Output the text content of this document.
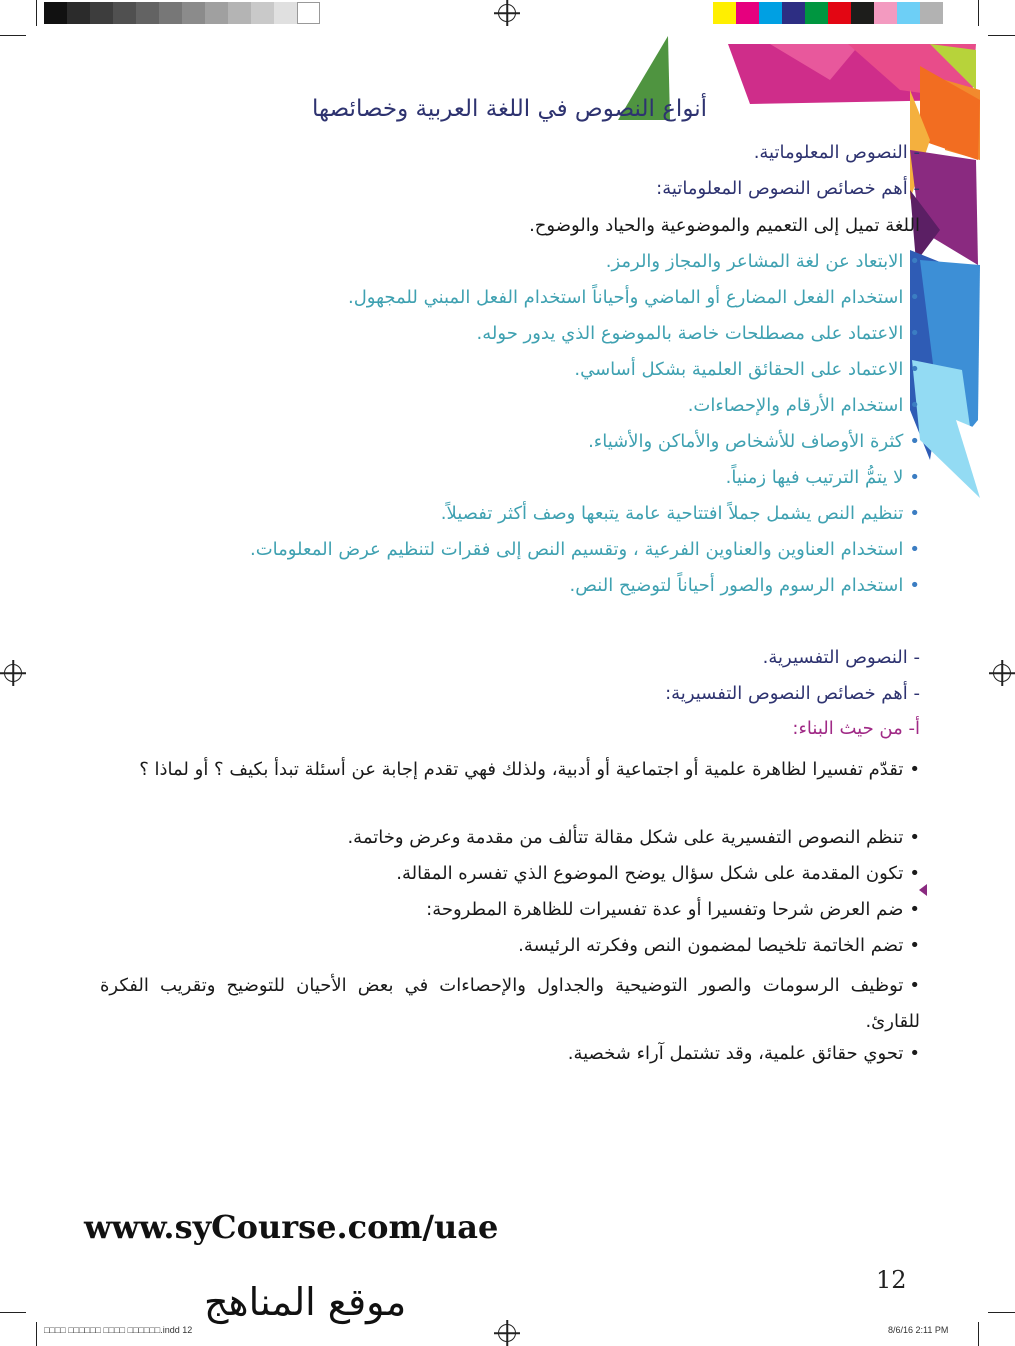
أنواع النصوص في اللغة العربية وخصائصها
- النصوص المعلوماتية.
- أهم خصائص النصوص المعلوماتية:
اللغة تميل إلى التعميم والموضوعية والحياد والوضوح.
• الابتعاد عن لغة المشاعر والمجاز والرمز.
• استخدام الفعل المضارع أو الماضي وأحياناً استخدام الفعل المبني للمجهول.
• الاعتماد على مصطلحات خاصة بالموضوع الذي يدور حوله.
• الاعتماد على الحقائق العلمية بشكل أساسي.
• استخدام الأرقام والإحصاءات.
• كثرة الأوصاف للأشخاص والأماكن والأشياء.
• لا يتمُّ الترتيب فيها زمنياً.
• تنظيم النص يشمل جملاً افتتاحية عامة يتبعها وصف أكثر تفصيلاً.
• استخدام العناوين والعناوين الفرعية ، وتقسيم النص إلى فقرات لتنظيم عرض المعلومات.
• استخدام الرسوم والصور أحياناً لتوضيح النص.
- النصوص التفسيرية.
- أهم خصائص النصوص التفسيرية:
أ- من حيث البناء:
• تقدّم تفسيرا لظاهرة علمية أو اجتماعية أو أدبية، ولذلك فهي تقدم إجابة عن أسئلة تبدأ بكيف ؟ أو لماذا ؟
• تنظم النصوص التفسيرية على شكل مقالة تتألف من مقدمة وعرض وخاتمة.
• تكون المقدمة على شكل سؤال يوضح الموضوع الذي تفسره المقالة.
• ضم العرض شرحا وتفسيرا أو عدة تفسيرات للظاهرة المطروحة:
• تضم الخاتمة تلخيصا لمضمون النص وفكرته الرئيسة.
• توظيف الرسومات والصور التوضيحية والجداول والإحصاءات في بعض الأحيان للتوضيح وتقريب الفكرة للقارئ.
• تحوي حقائق علمية، وقد تشتمل آراء شخصية.
www.syCourse.com/uae
12
موقع المناهج
□□□□ □□□□□□ □□□□ □□□□□□.indd 12	8/6/16 2:11 PM
